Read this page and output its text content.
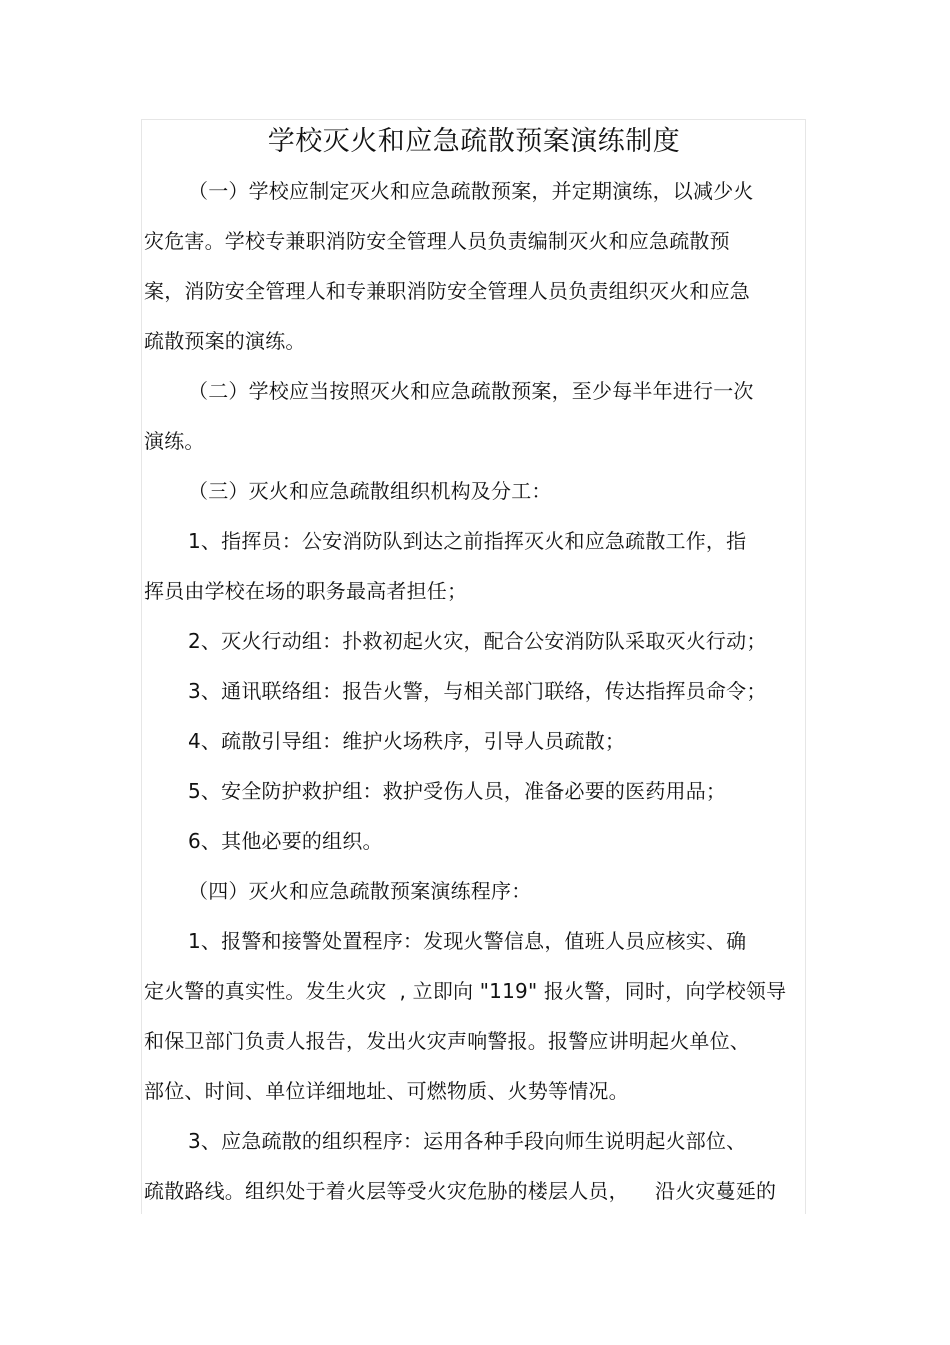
学校灭火和应急疏散预案演练制度

（一）学校应制定灭火和应急疏散预案，并定期演练，以减少火
灾危害。学校专兼职消防安全管理人员负责编制灭火和应急疏散预
案，消防安全管理人和专兼职消防安全管理人员负责组织灭火和应急
疏散预案的演练。

（二）学校应当按照灭火和应急疏散预案，至少每半年进行一次
演练。

（三）灭火和应急疏散组织机构及分工：

1、指挥员：公安消防队到达之前指挥灭火和应急疏散工作，指
挥员由学校在场的职务最高者担任；

2、灭火行动组：扑救初起火灾，配合公安消防队采取灭火行动；

3、通讯联络组：报告火警，与相关部门联络，传达指挥员命令；

4、疏散引导组：维护火场秩序，引导人员疏散；

5、安全防护救护组：救护受伤人员，准备必要的医药用品；

6、其他必要的组织。

（四）灭火和应急疏散预案演练程序：

1、报警和接警处置程序：发现火警信息，值班人员应核实、确
定火警的真实性。发生火灾  , 立即向 "119" 报火警，同时，向学校领导
和保卫部门负责人报告，发出火灾声响警报。报警应讲明起火单位、
部位、时间、单位详细地址、可燃物质、火势等情况。

3、应急疏散的组织程序：运用各种手段向师生说明起火部位、
疏散路线。组织处于着火层等受火灾危胁的楼层人员，    沿火灾蔓延的
